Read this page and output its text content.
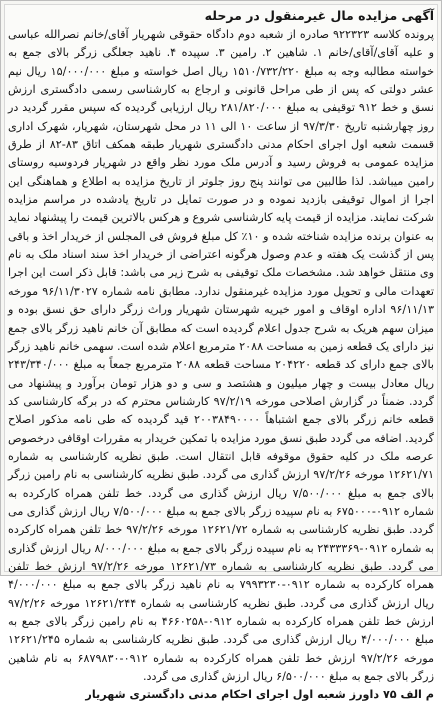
آگهی مزایده مال غیرمنقول در مرحله

پرونده کلاسه ۹۲۲۳۲۳ صادره از شعبه دوم دادگاه حقوقی شهریار آقای/خانم نصرالله عباسی و علیه آقای/آقای/خانم ۱. شاهین ۲. رامین ۳. سپیده ۴. ناهید جعلگی زرگر بالای جمع به خواسته مطالبه وجه به مبلغ ۱۵۱۰/۷۳۲/۲۲۰ ریال اصل خواسته و مبلغ ۱۵/۰۰۰/۰۰۰ ریال نیم عشر دولتی که پس از طی مراحل قانونی و ارجاع به کارشناسی رسمی دادگستری ارزش نسق و خط ۹۱۲ توقیفی به مبلغ ۲۸۱/۸۲۰/۰۰۰ ریال ارزیابی گردیده که سپس مقرر گردید در روز چهارشنبه تاریخ ۹۷/۳/۳۰ از ساعت ۱۰ الی ۱۱ در محل شهرستان، شهریار، شهرک اداری قسمت شعبه اول اجرای احکام مدنی دادگستری شهریار طبقه همکف اتاق ۸۳-۸۲ از طرق مزایده عمومی به فروش رسید و آدرس ملک مورد نظر واقع در شهریار فردوسیه روستای رامین میباشد. لذا طالبین می توانند پنج روز جلوتر از تاریخ مزایده به اطلاع و هماهنگی این اجرا از اموال توقیفی بازدید نموده و در صورت تمایل در تاریخ یادشده در مراسم مزایده شرکت نمایند. مزایده از قیمت پایه کارشناسی شروع و هرکس بالاترین قیمت را پیشنهاد نماید به عنوان برنده مزایده شناخته شده و ۱۰٪ کل مبلغ فروش فی المجلس از خریدار اخذ و باقی پس از گذشت یک هفته و عدم وصول هرگونه اعتراضی از خریدار اخذ سند اسناد ملک به نام وی منتقل خواهد شد. مشخصات ملک توقیفی به شرح زیر می باشد: قابل ذکر است این اجرا تعهدات مالی و تحویل مورد مزایده غیرمنقول ندارد. مطابق نامه شماره ۹۶/۱۱/۳۰۲۷ مورخه ۹۶/۱۱/۱۳ اداره اوقاف و امور خیریه شهرستان شهریار وراث زرگر دارای حق نسق بوده و میزان سهم هریک به شرح جدول اعلام گردیده است که مطابق آن خانم ناهید زرگر بالای جمع نیز دارای یک قطعه زمین به مساحت ۲۰۸۸ مترمربع اعلام شده است. سهمی خانم ناهید زرگر بالای جمع دارای کد قطعه ۲۰۴۲۲۰ مساحت قطعه ۲۰۸۸ مترمربع جمعاً به مبلغ ۲۴۳/۳۴۰/۰۰۰ ریال معادل بیست و چهار میلیون و هشتصد و سی و دو هزار تومان برآورد و پیشنهاد می گردد. ضمناً در گزارش اصلاحی مورخه ۹۷/۲/۱۹ کارشناس محترم که در برگه کارشناسی کد قطعه خانم زرگر بالای جمع اشتباهاً ۲۰۰۳۸۴۹۰۰۰۰ قید گردیده که طی نامه مذکور اصلاح گردید. اضافه می گردد طبق نسق مورد مزایده با تمکین خریدار به مقررات اوقافی درخصوص عرصه ملک در کلیه حقوق موقوفه قابل انتقال است. طبق نظریه کارشناسی به شماره ۱۲۶۲۱/۷۱ مورخه ۹۷/۲/۲۶ ارزش گذاری می گردد. طبق نظریه کارشناسی به نام رامین زرگر بالای جمع به مبلغ ۷/۵۰۰/۰۰۰ ریال ارزش گذاری می گردد. خط تلفن همراه کارکرده به شماره ۰۹۱۲-۶۷۵۰۰۰ به نام سپیده زرگر بالای جمع به مبلغ ۷/۵۰۰/۰۰۰ ریال ارزش گذاری می گردد. طبق نظریه کارشناسی به شماره ۱۲۶۲۱/۷۲ مورخه ۹۷/۲/۲۶ خط تلفن همراه کارکرده به شماره ۰۹۱۲-۲۴۳۳۳۶۹ به نام سپیده زرگر بالای جمع به مبلغ ۸/۰۰۰/۰۰۰ ریال ارزش گذاری می گردد. طبق نظریه کارشناسی به شماره ۱۲۶۲۱/۷۳ مورخه ۹۷/۲/۲۶ ارزش خط تلفن همراه کارکرده به شماره ۰۹۱۲-۷۹۹۳۲۳۰ به نام ناهید زرگر بالای جمع به مبلغ ۴/۰۰۰/۰۰۰ ریال ارزش گذاری می گردد. طبق نظریه کارشناسی به شماره ۱۲۶۲۱/۲۴۴ مورخه ۹۷/۲/۲۶ ارزش خط تلفن همراه کارکرده به شماره ۰۹۱۲-۴۶۶۰۲۵۸ به نام رامین زرگر بالای جمع به مبلغ ۴/۰۰۰/۰۰۰ ریال ارزش گذاری می گردد. طبق نظریه کارشناسی به شماره ۱۲۶۲۱/۲۴۵ مورخه ۹۷/۲/۲۶ ارزش خط تلفن همراه کارکرده به شماره ۰۹۱۲-۶۸۷۹۸۳۰ به نام شاهین زرگر بالای جمع به مبلغ ۶/۵۰۰/۰۰۰ ریال ارزش گذاری می گردد.

م الف ۷۵ داورز شعبه اول اجرای احکام مدنی دادگستری شهریار
